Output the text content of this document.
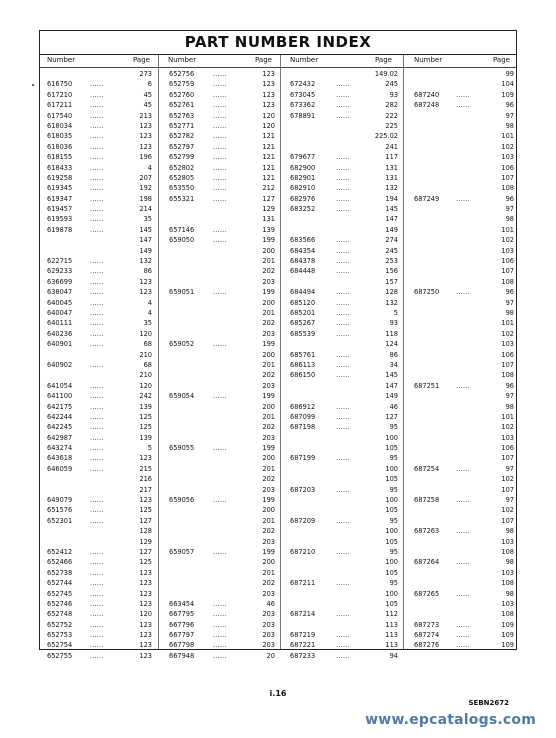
PART NUMBER INDEX
Number	Page	Number	Page	Number	Page	Number	Page
273
616750	......	6
617210	......	45
617211	......	45
617540	......	213
618034	......	123
618035	......	123
618036	......	123
618155	......	196
618433	......	4
619258	......	207
619345	......	192
619347	......	198
619457	......	214
619593	......	35
619878	......	145
147
149
622715	......	132
629233	......	86
636699	......	123
638047	......	123
640045	......	4
640047	......	4
640111	......	35
640236	......	120
640901	......	68
210
640902	......	68
210
641054	......	120
641100	......	242
642175	......	139
642244	......	125
642245	......	125
642987	......	139
643274	......	5
643618	......	123
646059	......	215
216
217
649079	......	123
651576	......	125
652301	......	127
128
129
652412	......	127
652466	......	125
652738	......	123
652744	......	123
652745	......	123
652746	......	123
652748	......	120
652752	......	123
652753	......	123
652754	......	123
652755	......	123
652756	......	123
652759	......	123
652760	......	123
652761	......	123
652763	......	120
652771	......	120
652782	......	121
652797	......	121
652799	......	121
652802	......	121
652805	......	121
653550	......	212
655321	......	127
129
131
657146	......	139
659050	......	199
200
201
202
203
659051	......	199
200
201
202
203
659052	......	199
200
201
202
203
659054	......	199
200
201
202
203
659055	......	199
200
201
202
203
659056	......	199
200
201
202
203
659057	......	199
200
201
202
203
663454	......	46
667795	......	203
667796	......	203
667797	......	203
667798	......	203
667948	......	20
149.02
672432	......	245
673045	......	93
673362	......	282
678891	......	222
225
225.02
241
679677	......	117
682900	......	131
682901	......	131
682910	......	132
682976	......	194
683252	......	145
147
149
683566	......	274
684354	......	245
684378	......	253
684448	......	156
157
684494	......	128
685120	......	132
685201	......	5
685267	......	93
685539	......	118
124
685761	......	86
686113	......	34
686150	......	145
147
149
686912	......	46
687099	......	127
687198	......	95
100
105
687199	......	95
100
105
687203	......	95
100
105
687209	......	95
100
105
687210	......	95
100
105
687211	......	95
100
105
687214	......	112
113
687219	......	113
687221	......	113
687233	......	94
99
104
687240	......	109
687248	......	96
97
98
101
102
103
106
107
108
687249	......	96
97
98
101
102
103
106
107
108
687250	......	96
97
98
101
102
103
106
107
108
687251	......	96
97
98
101
102
103
106
107
687254	......	97
102
107
687258	......	97
102
107
687263	......	98
103
108
687264	......	98
103
108
687265	......	98
103
108
687273	......	109
687274	......	109
687276	......	109
i.16
SEBN2672
www.epcatalogs.com
